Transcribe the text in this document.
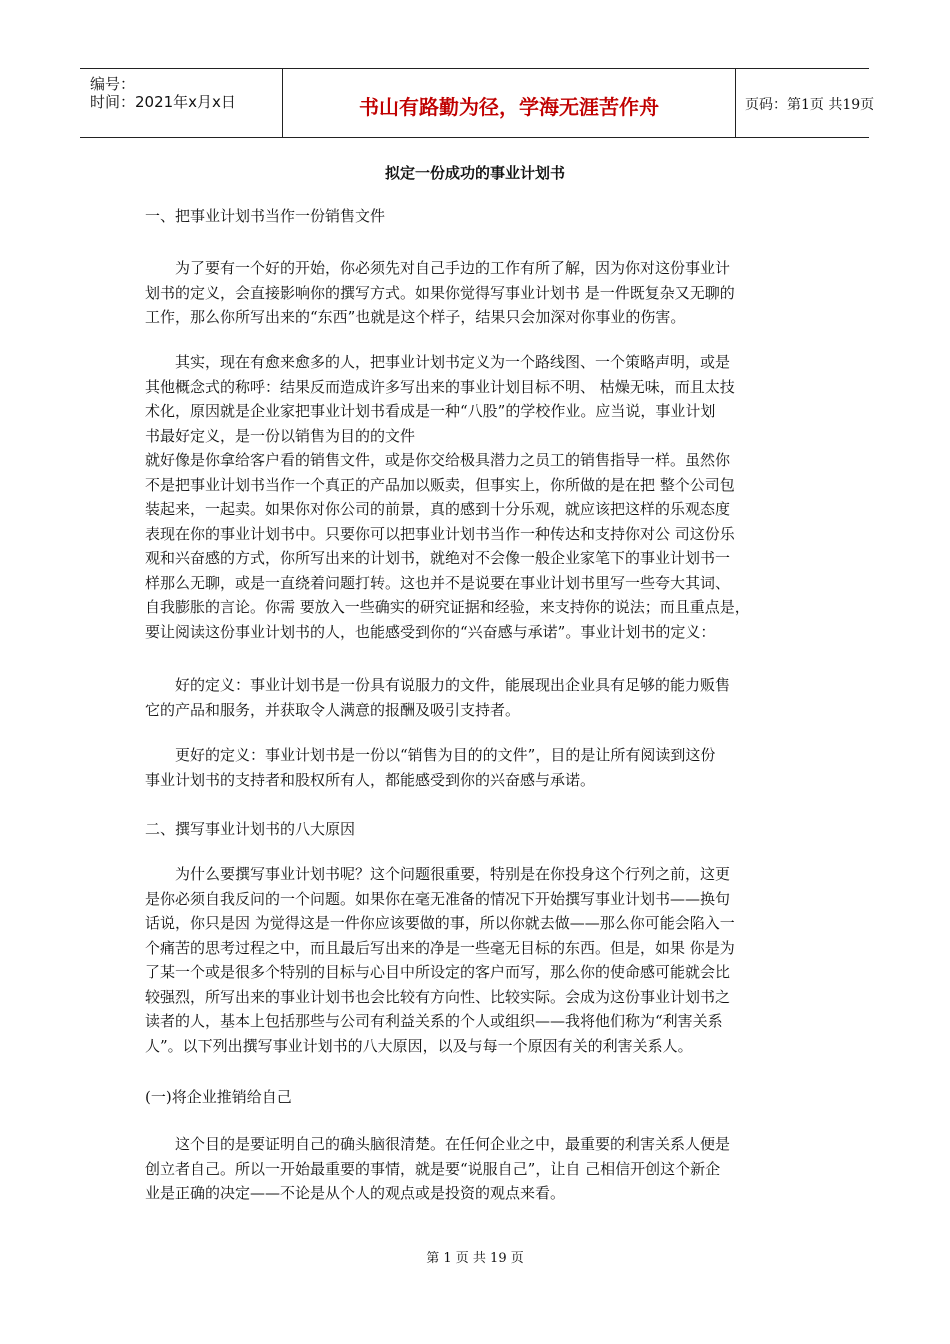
编号：
时间：2021年x月x日	书山有路勤为径，学海无涯苦作舟	页码：第1页 共19页
拟定一份成功的事业计划书
一、把事业计划书当作一份销售文件
　　为了要有一个好的开始，你必须先对自己手边的工作有所了解，因为你对这份事业计
划书的定义，会直接影响你的撰写方式。如果你觉得写事业计划书 是一件既复杂又无聊的
工作，那么你所写出来的“东西”也就是这个样子，结果只会加深对你事业的伤害。
　　其实，现在有愈来愈多的人，把事业计划书定义为一个路线图、一个策略声明，或是
其他概念式的称呼：结果反而造成许多写出来的事业计划目标不明、 枯燥无味，而且太技
术化，原因就是企业家把事业计划书看成是一种“八股”的学校作业。应当说，事业计划
书最好定义，是一份以销售为目的的文件
就好像是你拿给客户看的销售文件，或是你交给极具潜力之员工的销售指导一样。虽然你
不是把事业计划书当作一个真正的产品加以贩卖，但事实上，你所做的是在把 整个公司包
装起来，一起卖。如果你对你公司的前景，真的感到十分乐观，就应该把这样的乐观态度
表现在你的事业计划书中。只要你可以把事业计划书当作一种传达和支持你对公 司这份乐
观和兴奋感的方式，你所写出来的计划书，就绝对不会像一般企业家笔下的事业计划书一
样那么无聊，或是一直绕着问题打转。这也并不是说要在事业计划书里写一些夸大其词、
自我膨胀的言论。你需 要放入一些确实的研究证据和经验，来支持你的说法；而且重点是，
要让阅读这份事业计划书的人，也能感受到你的“兴奋感与承诺”。事业计划书的定义：
　　好的定义：事业计划书是一份具有说服力的文件，能展现出企业具有足够的能力贩售
它的产品和服务，并获取令人满意的报酬及吸引支持者。
　　更好的定义：事业计划书是一份以“销售为目的的文件”，目的是让所有阅读到这份
事业计划书的支持者和股权所有人，都能感受到你的兴奋感与承诺。
二、撰写事业计划书的八大原因
　　为什么要撰写事业计划书呢？这个问题很重要，特别是在你投身这个行列之前，这更
是你必须自我反问的一个问题。如果你在毫无准备的情况下开始撰写事业计划书——换句
话说，你只是因 为觉得这是一件你应该要做的事，所以你就去做——那么你可能会陷入一
个痛苦的思考过程之中，而且最后写出来的净是一些毫无目标的东西。但是，如果 你是为
了某一个或是很多个特别的目标与心目中所设定的客户而写，那么你的使命感可能就会比
较强烈，所写出来的事业计划书也会比较有方向性、比较实际。会成为这份事业计划书之
读者的人，基本上包括那些与公司有利益关系的个人或组织——我将他们称为“利害关系
人”。以下列出撰写事业计划书的八大原因，以及与每一个原因有关的利害关系人。
(一)将企业推销给自己
　　这个目的是要证明自己的确头脑很清楚。在任何企业之中，最重要的利害关系人便是
创立者自己。所以一开始最重要的事情，就是要“说服自己”，让自 己相信开创这个新企
业是正确的决定——不论是从个人的观点或是投资的观点来看。
第 1 页 共 19 页
